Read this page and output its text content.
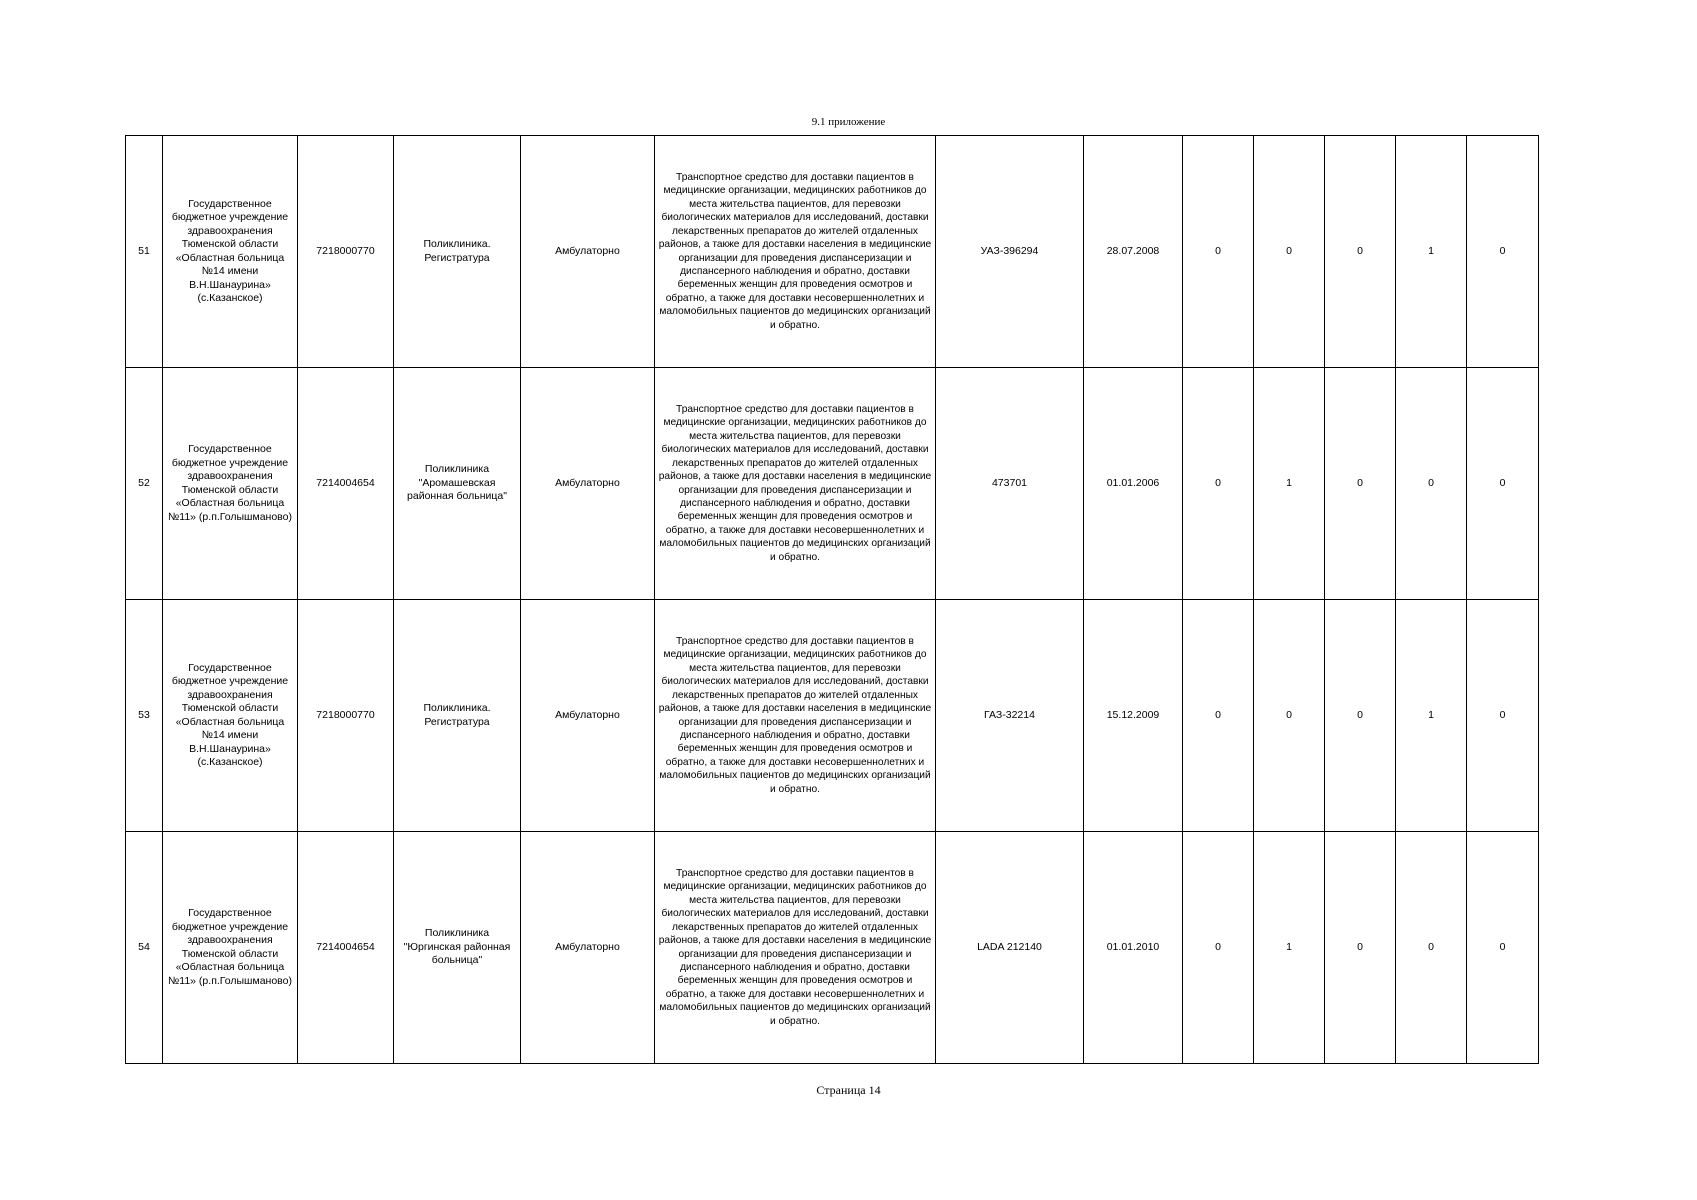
9.1 приложение
51	Государственное бюджетное учреждение здравоохранения Тюменской области «Областная больница №14 имени В.Н.Шанаурина» (с.Казанское)	7218000770	Поликлиника. Регистратура	Амбулаторно	Транспортное средство для доставки пациентов в медицинские организации, медицинских работников до места жительства пациентов, для перевозки биологических материалов для исследований, доставки лекарственных препаратов до жителей отдаленных районов, а также для доставки населения в медицинские организации для проведения диспансеризации и диспансерного наблюдения и обратно, доставки беременных женщин для проведения осмотров и обратно, а также для доставки несовершеннолетних и маломобильных пациентов до медицинских организаций и обратно.	УАЗ-396294	28.07.2008	0	0	0	1	0
52	Государственное бюджетное учреждение здравоохранения Тюменской области «Областная больница №11» (р.п.Голышманово)	7214004654	Поликлиника "Аромашевская районная больница"	Амбулаторно	Транспортное средство для доставки пациентов в медицинские организации, медицинских работников до места жительства пациентов, для перевозки биологических материалов для исследований, доставки лекарственных препаратов до жителей отдаленных районов, а также для доставки населения в медицинские организации для проведения диспансеризации и диспансерного наблюдения и обратно, доставки беременных женщин для проведения осмотров и обратно, а также для доставки несовершеннолетних и маломобильных пациентов до медицинских организаций и обратно.	473701	01.01.2006	0	1	0	0	0
53	Государственное бюджетное учреждение здравоохранения Тюменской области «Областная больница №14 имени В.Н.Шанаурина» (с.Казанское)	7218000770	Поликлиника. Регистратура	Амбулаторно	Транспортное средство для доставки пациентов в медицинские организации, медицинских работников до места жительства пациентов, для перевозки биологических материалов для исследований, доставки лекарственных препаратов до жителей отдаленных районов, а также для доставки населения в медицинские организации для проведения диспансеризации и диспансерного наблюдения и обратно, доставки беременных женщин для проведения осмотров и обратно, а также для доставки несовершеннолетних и маломобильных пациентов до медицинских организаций и обратно.	ГАЗ-32214	15.12.2009	0	0	0	1	0
54	Государственное бюджетное учреждение здравоохранения Тюменской области «Областная больница №11» (р.п.Голышманово)	7214004654	Поликлиника "Юргинская районная больница"	Амбулаторно	Транспортное средство для доставки пациентов в медицинские организации, медицинских работников до места жительства пациентов, для перевозки биологических материалов для исследований, доставки лекарственных препаратов до жителей отдаленных районов, а также для доставки населения в медицинские организации для проведения диспансеризации и диспансерного наблюдения и обратно, доставки беременных женщин для проведения осмотров и обратно, а также для доставки несовершеннолетних и маломобильных пациентов до медицинских организаций и обратно.	LADA 212140	01.01.2010	0	1	0	0	0
Страница 14
